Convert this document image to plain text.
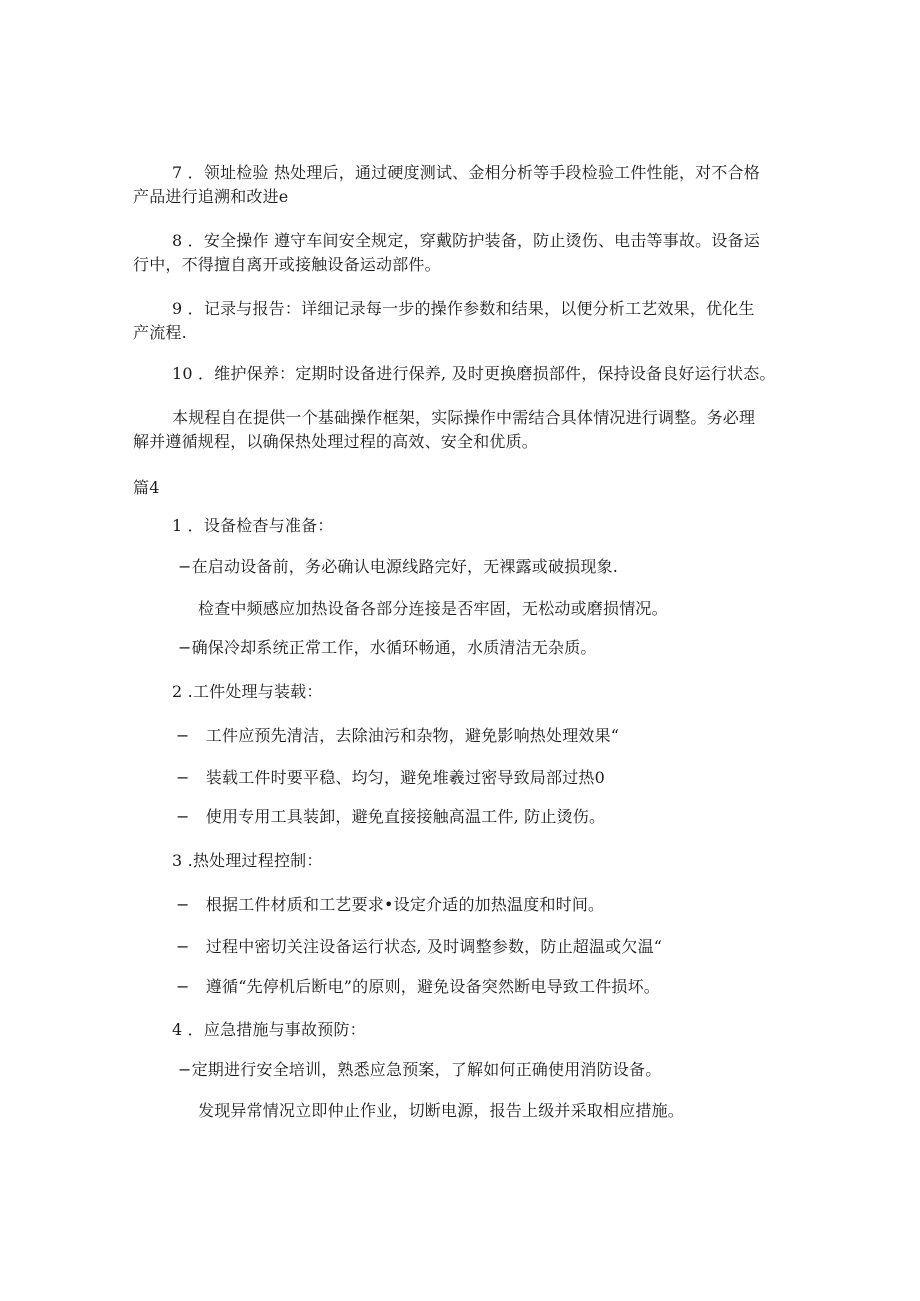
7 ．领址检验 热处理后，通过硬度测试、金相分析等手段检验工件性能，对不合格
产品进行追溯和改进e
8 ．安全操作 遵守车间安全规定，穿戴防护装备，防止烫伤、电击等事故。设备运
行中，不得擅自离开或接触设备运动部件。
9 ．记录与报告：详细记录每一步的操作参数和结果，以便分析工艺效果，优化生
产流程.
10 ．维护保养：定期时设备进行保养, 及时更换磨损部件，保持设备良好运行状态。
本规程自在提供一个基础操作框架，实际操作中需结合具体情况进行调整。务必理
解并遵循规程，以确保热处理过程的高效、安全和优质。
篇4
1 ．设备检杳与准备：
−在启动设备前，务必确认电源线路完好，无裸露或破损现象.
检查中频感应加热设备各部分连接是否牢固，无松动或磨损情况。
−确保冷却系统正常工作，水循环畅通，水质清洁无杂质。
2 .工件处理与装载：
−　工件应预先清洁，去除油污和杂物，避免影响热处理效果“
−　装载工件时要平稳、均匀，避免堆羲过密导致局部过热0
−　使用专用工具装卸，避免直接接触高温工件, 防止烫伤。
3 .热处理过程控制：
−　根据工件材质和工艺要求•设定介适的加热温度和时间。
−　过程中密切关注设备运行状态, 及时调整参数，防止超温或欠温“
−　遵循“先停机后断电”的原则，避免设备突然断电导致工件损坏。
4 ．应急措施与事故预防：
−定期进行安全培训，熟悉应急预案，了解如何正确使用消防设备。
发现异常情况立即仲止作业，切断电源，报告上级并采取相应措施。
